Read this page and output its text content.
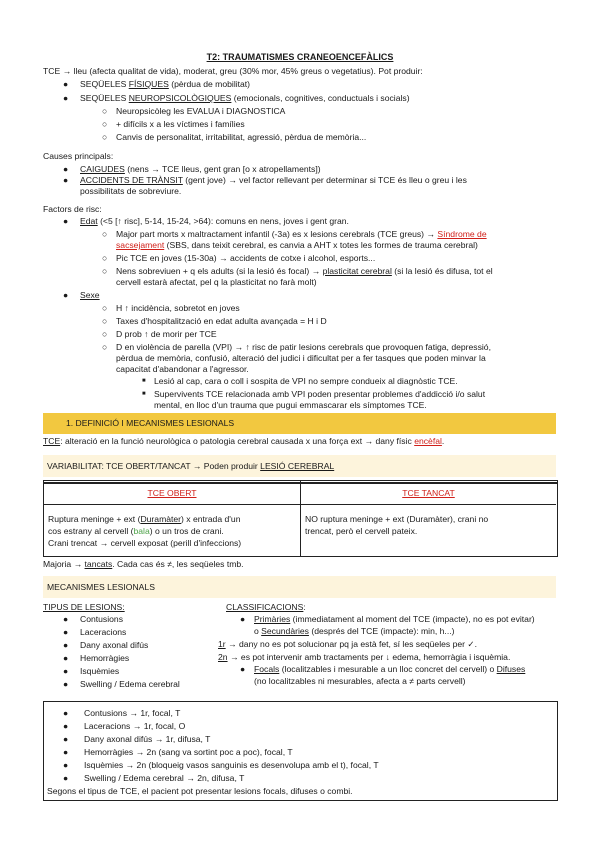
T2: TRAUMATISMES CRANEOENCEFÀLICS
TCE → lleu (afecta qualitat de vida), moderat, greu (30% mor, 45% greus o vegetatius). Pot produir:
● SEQÜELES FÍSIQUES (pèrdua de mobilitat)
● SEQÜELES NEUROPSICOLÒGIQUES (emocionals, cognitives, conductuals i socials)
○ Neuropsicòleg les EVALUA i DIAGNOSTICA
○ + difícils x a les víctimes i famílies
○ Canvis de personalitat, irritabilitat, agressió, pèrdua de memòria...
Causes principals:
● CAIGUDES (nens → TCE lleus, gent gran [o x atropellaments])
● ACCIDENTS DE TRÀNSIT (gent jove) → vel factor rellevant per determinar si TCE és lleu o greu i les
possibilitats de sobreviure.
Factors de risc:
● Edat (<5 [↑ risc], 5-14, 15-24, >64): comuns en nens, joves i gent gran.
○ Major part morts x maltractament infantil (-3a) es x lesions cerebrals (TCE greus) → Síndrome de
sacsejament (SBS, dans teixit cerebral, es canvia a AHT x totes les formes de trauma cerebral)
○ Pic TCE en joves (15-30a) → accidents de cotxe i alcohol, esports...
○ Nens sobreviuen + q els adults (si la lesió és focal) → plasticitat cerebral (si la lesió és difusa, tot el
cervell estarà afectat, pel q la plasticitat no farà molt)
● Sexe
○ H ↑ incidència, sobretot en joves
○ Taxes d'hospitalització en edat adulta avançada = H i D
○ D prob ↑ de morir per TCE
○ D en violència de parella (VPI) → ↑ risc de patir lesions cerebrals que provoquen fatiga, depressió,
pèrdua de memòria, confusió, alteració del judici i dificultat per a fer tasques que poden minvar la
capacitat d'abandonar a l'agressor.
■ Lesió al cap, cara o coll i sospita de VPI no sempre condueix al diagnòstic TCE.
■ Supervivents TCE relacionada amb VPI poden presentar problemes d'addicció i/o salut
mental, en lloc d'un trauma que pugui emmascarar els símptomes TCE.
1. DEFINICIÓ I MECANISMES LESIONALS
TCE: alteració en la funció neurològica o patologia cerebral causada x una força ext → dany físic encèfal.
VARIABILITAT: TCE OBERT/TANCAT → Poden produir LESIÓ CEREBRAL
TCE OBERT	TCE TANCAT
Ruptura meninge + ext (Duramàter) x entrada d'un
cos estrany al cervell (bala) o un tros de crani.
Crani trencat → cervell exposat (perill d'infeccions)
NO ruptura meninge + ext (Duramàter), crani no
trencat, però el cervell pateix.
Majoria → tancats. Cada cas és ≠, les seqüeles tmb.
MECANISMES LESIONALS
TIPUS DE LESIONS:
● Contusions
● Laceracions
● Dany axonal difús
● Hemorràgies
● Isquèmies
● Swelling / Edema cerebral
CLASSIFICACIONS:
● Primàries (immediatament al moment del TCE (impacte), no es pot evitar)
o Secundàries (després del TCE (impacte): min, h...)
1r → dany no es pot solucionar pq ja està fet, sí les seqüeles per ✓.
2n → es pot intervenir amb tractaments per ↓ edema, hemorràgia i isquèmia.
● Focals (localitzables i mesurable a un lloc concret del cervell) o Difuses
(no localitzables ni mesurables, afecta a ≠ parts cervell)
● Contusions → 1r, focal, T
● Laceracions → 1r, focal, O
● Dany axonal difús → 1r, difusa, T
● Hemorràgies → 2n (sang va sortint poc a poc), focal, T
● Isquèmies → 2n (bloqueig vasos sanguinis es desenvolupa amb el t), focal, T
● Swelling / Edema cerebral → 2n, difusa, T
Segons el tipus de TCE, el pacient pot presentar lesions focals, difuses o combi.
